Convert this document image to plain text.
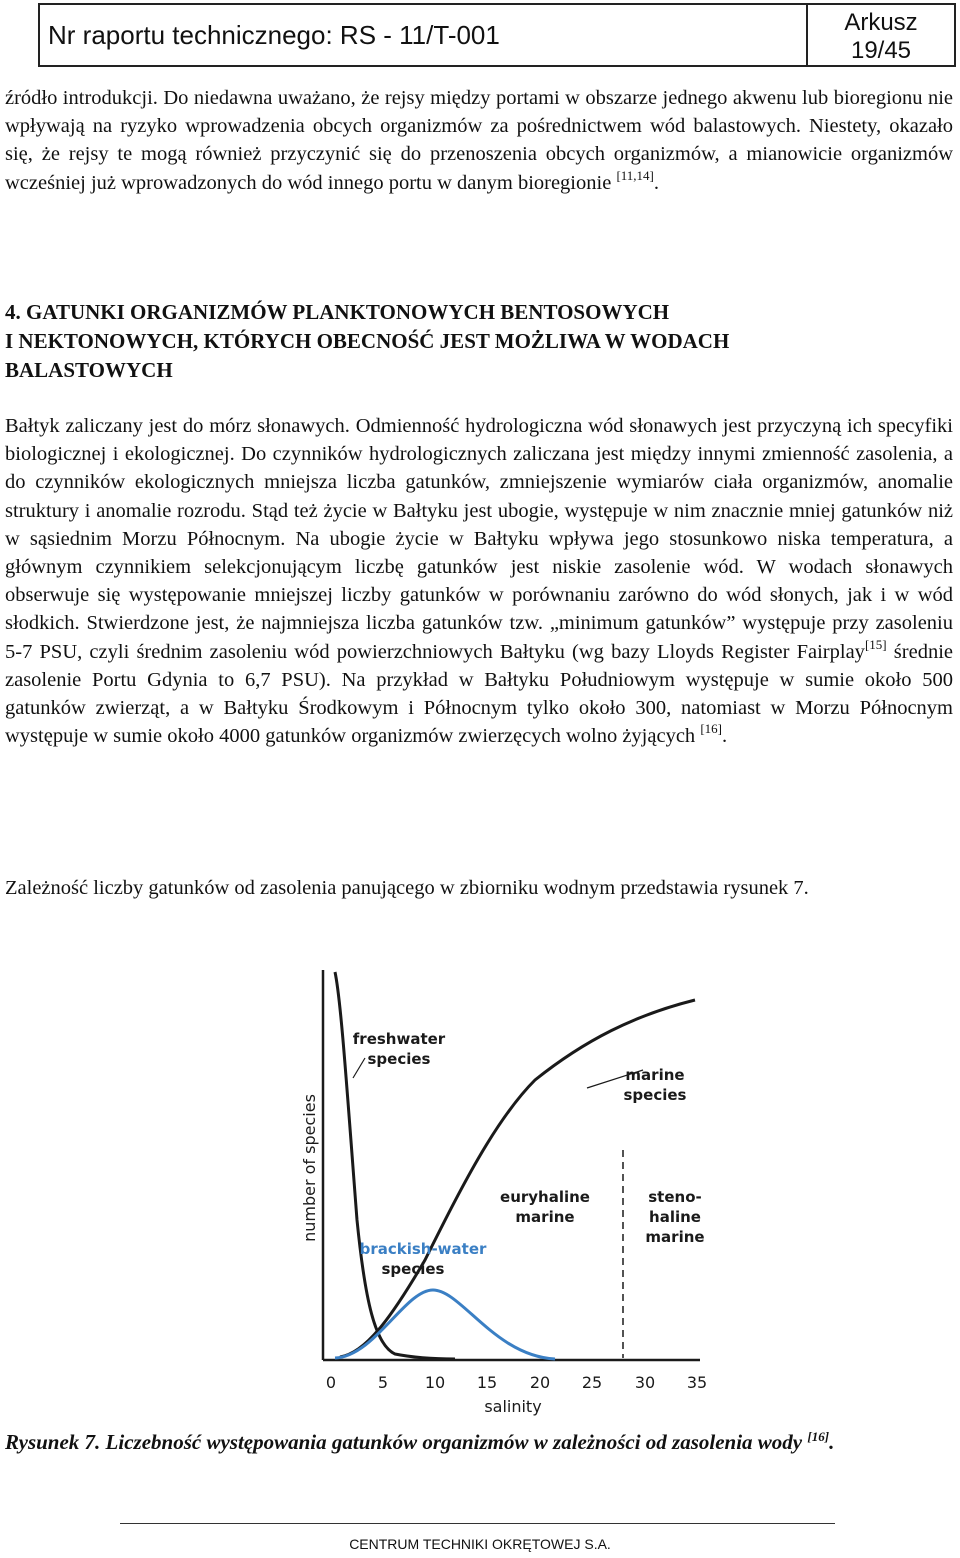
Nr raportu technicznego: RS - 11/T-001	Arkusz
19/45

źródło introdukcji. Do niedawna uważano, że rejsy między portami w obszarze jednego akwenu lub bioregionu nie wpływają na ryzyko wprowadzenia obcych organizmów za pośrednictwem wód balastowych. Niestety, okazało się, że rejsy te mogą również przyczynić się do przenoszenia obcych organizmów, a mianowicie organizmów wcześniej już wprowadzonych do wód innego portu w danym bioregionie [11,14].

4. GATUNKI ORGANIZMÓW PLANKTONOWYCH BENTOSOWYCH
I NEKTONOWYCH, KTÓRYCH OBECNOŚĆ JEST MOŻLIWA W WODACH
BALASTOWYCH

Bałtyk zaliczany jest do mórz słonawych. Odmienność hydrologiczna wód słonawych jest przyczyną ich specyfiki biologicznej i ekologicznej. Do czynników hydrologicznych zaliczana jest między innymi zmienność zasolenia, a do czynników ekologicznych mniejsza liczba gatunków, zmniejszenie wymiarów ciała organizmów, anomalie struktury i anomalie rozrodu. Stąd też życie w Bałtyku jest ubogie, występuje w nim znacznie mniej gatunków niż w sąsiednim Morzu Północnym. Na ubogie życie w Bałtyku wpływa jego stosunkowo niska temperatura, a głównym czynnikiem selekcjonującym liczbę gatunków jest niskie zasolenie wód. W wodach słonawych obserwuje się występowanie mniejszej liczby gatunków w porównaniu zarówno do wód słonych, jak i w wód słodkich. Stwierdzone jest, że najmniejsza liczba gatunków tzw. „minimum gatunków” występuje przy zasoleniu 5-7 PSU, czyli średnim zasoleniu wód powierzchniowych Bałtyku (wg bazy Lloyds Register Fairplay[15] średnie zasolenie Portu Gdynia to 6,7 PSU). Na przykład w Bałtyku Południowym występuje w sumie około 500 gatunków zwierząt, a w Bałtyku Środkowym i Północnym tylko około 300, natomiast w Morzu Północnym występuje w sumie około 4000 gatunków organizmów zwierzęcych wolno żyjących [16].

Zależność liczby gatunków od zasolenia panującego w zbiorniku wodnym przedstawia rysunek 7.

freshwater
species
marine
species
euryhaline
marine
steno-
haline
marine
brackish-water
species
number of species
0	5 10 15 20 25 30 35
salinity
Rysunek 7. Liczebność występowania gatunków organizmów w zależności od zasolenia wody [16].
CENTRUM TECHNIKI OKRĘTOWEJ S.A.
